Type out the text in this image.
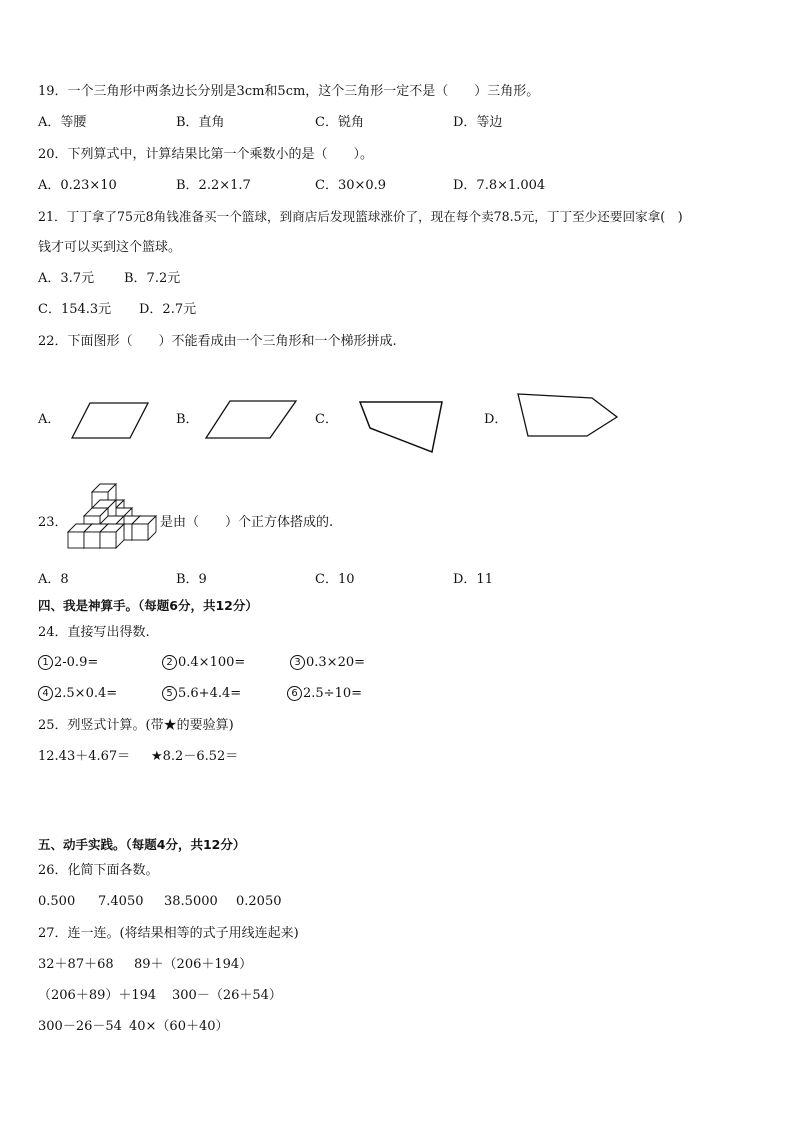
19．一个三角形中两条边长分别是3cm和5cm，这个三角形一定不是（　　）三角形。
A．等腰	B．直角	C．锐角	D．等边
20．下列算式中，计算结果比第一个乘数小的是（　　）。
A．0.23×10	B．2.2×1.7	C．30×0.9	D．7.8×1.004
21．丁丁拿了75元8角钱准备买一个篮球，到商店后发现篮球涨价了，现在每个卖78.5元，丁丁至少还要回家拿(　)
钱才可以买到这个篮球。
A．3.7元 B．7.2元
C．154.3元 D．2.7元
22．下面图形（　　）不能看成由一个三角形和一个梯形拼成.
A．	B．	C．	D．
23．	是由（　　）个正方体搭成的.
A．8	B．9	C．10	D．11
四、我是神算手。（每题6分，共12分）
24．直接写出得数.
1 2-0.9=	2 0.4×100=	3 0.3×20=
4 2.5×0.4=	5 5.6+4.4=	6 2.5÷10=
25．列竖式计算。(带★的要验算)
12.43＋4.67＝ ★8.2－6.52＝
五、动手实践。（每题4分，共12分）
26．化简下面各数。
0.500 7.4050 38.5000 0.2050
27．连一连。(将结果相等的式子用线连起来)
32＋87＋68 89＋（206＋194）
（206＋89）＋194 300－（26＋54）
300－26－54 40×（60＋40）
